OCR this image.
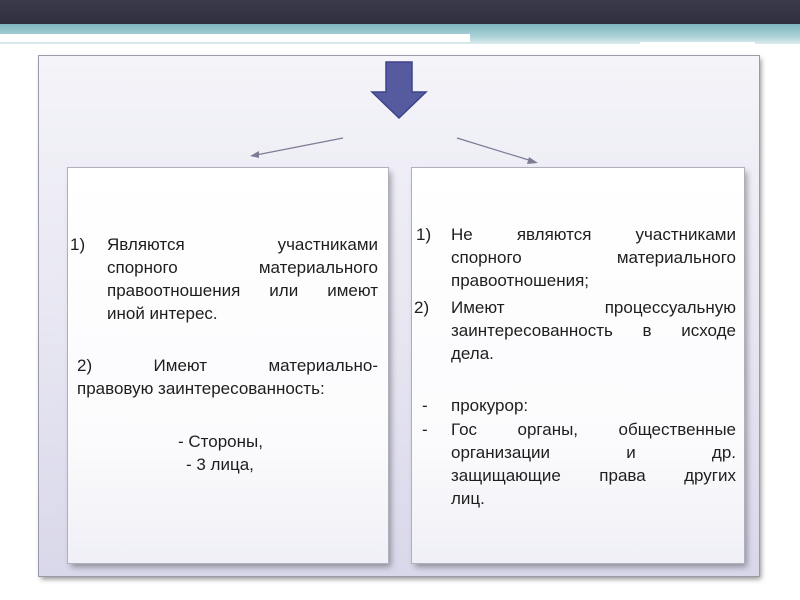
1)	Являются участниками
спорного материального
правоотношения или имеют
иной интерес.
2) Имеют материально-
правовую заинтересованность:
- Стороны,
- 3 лица,
1)	Не являются участниками
спорного материального
правоотношения;
2)	Имеют процессуальную
заинтересованность в исходе
дела.
- прокурор:
- Гос органы, общественные
организации и др.
защищающие права других
лиц.
